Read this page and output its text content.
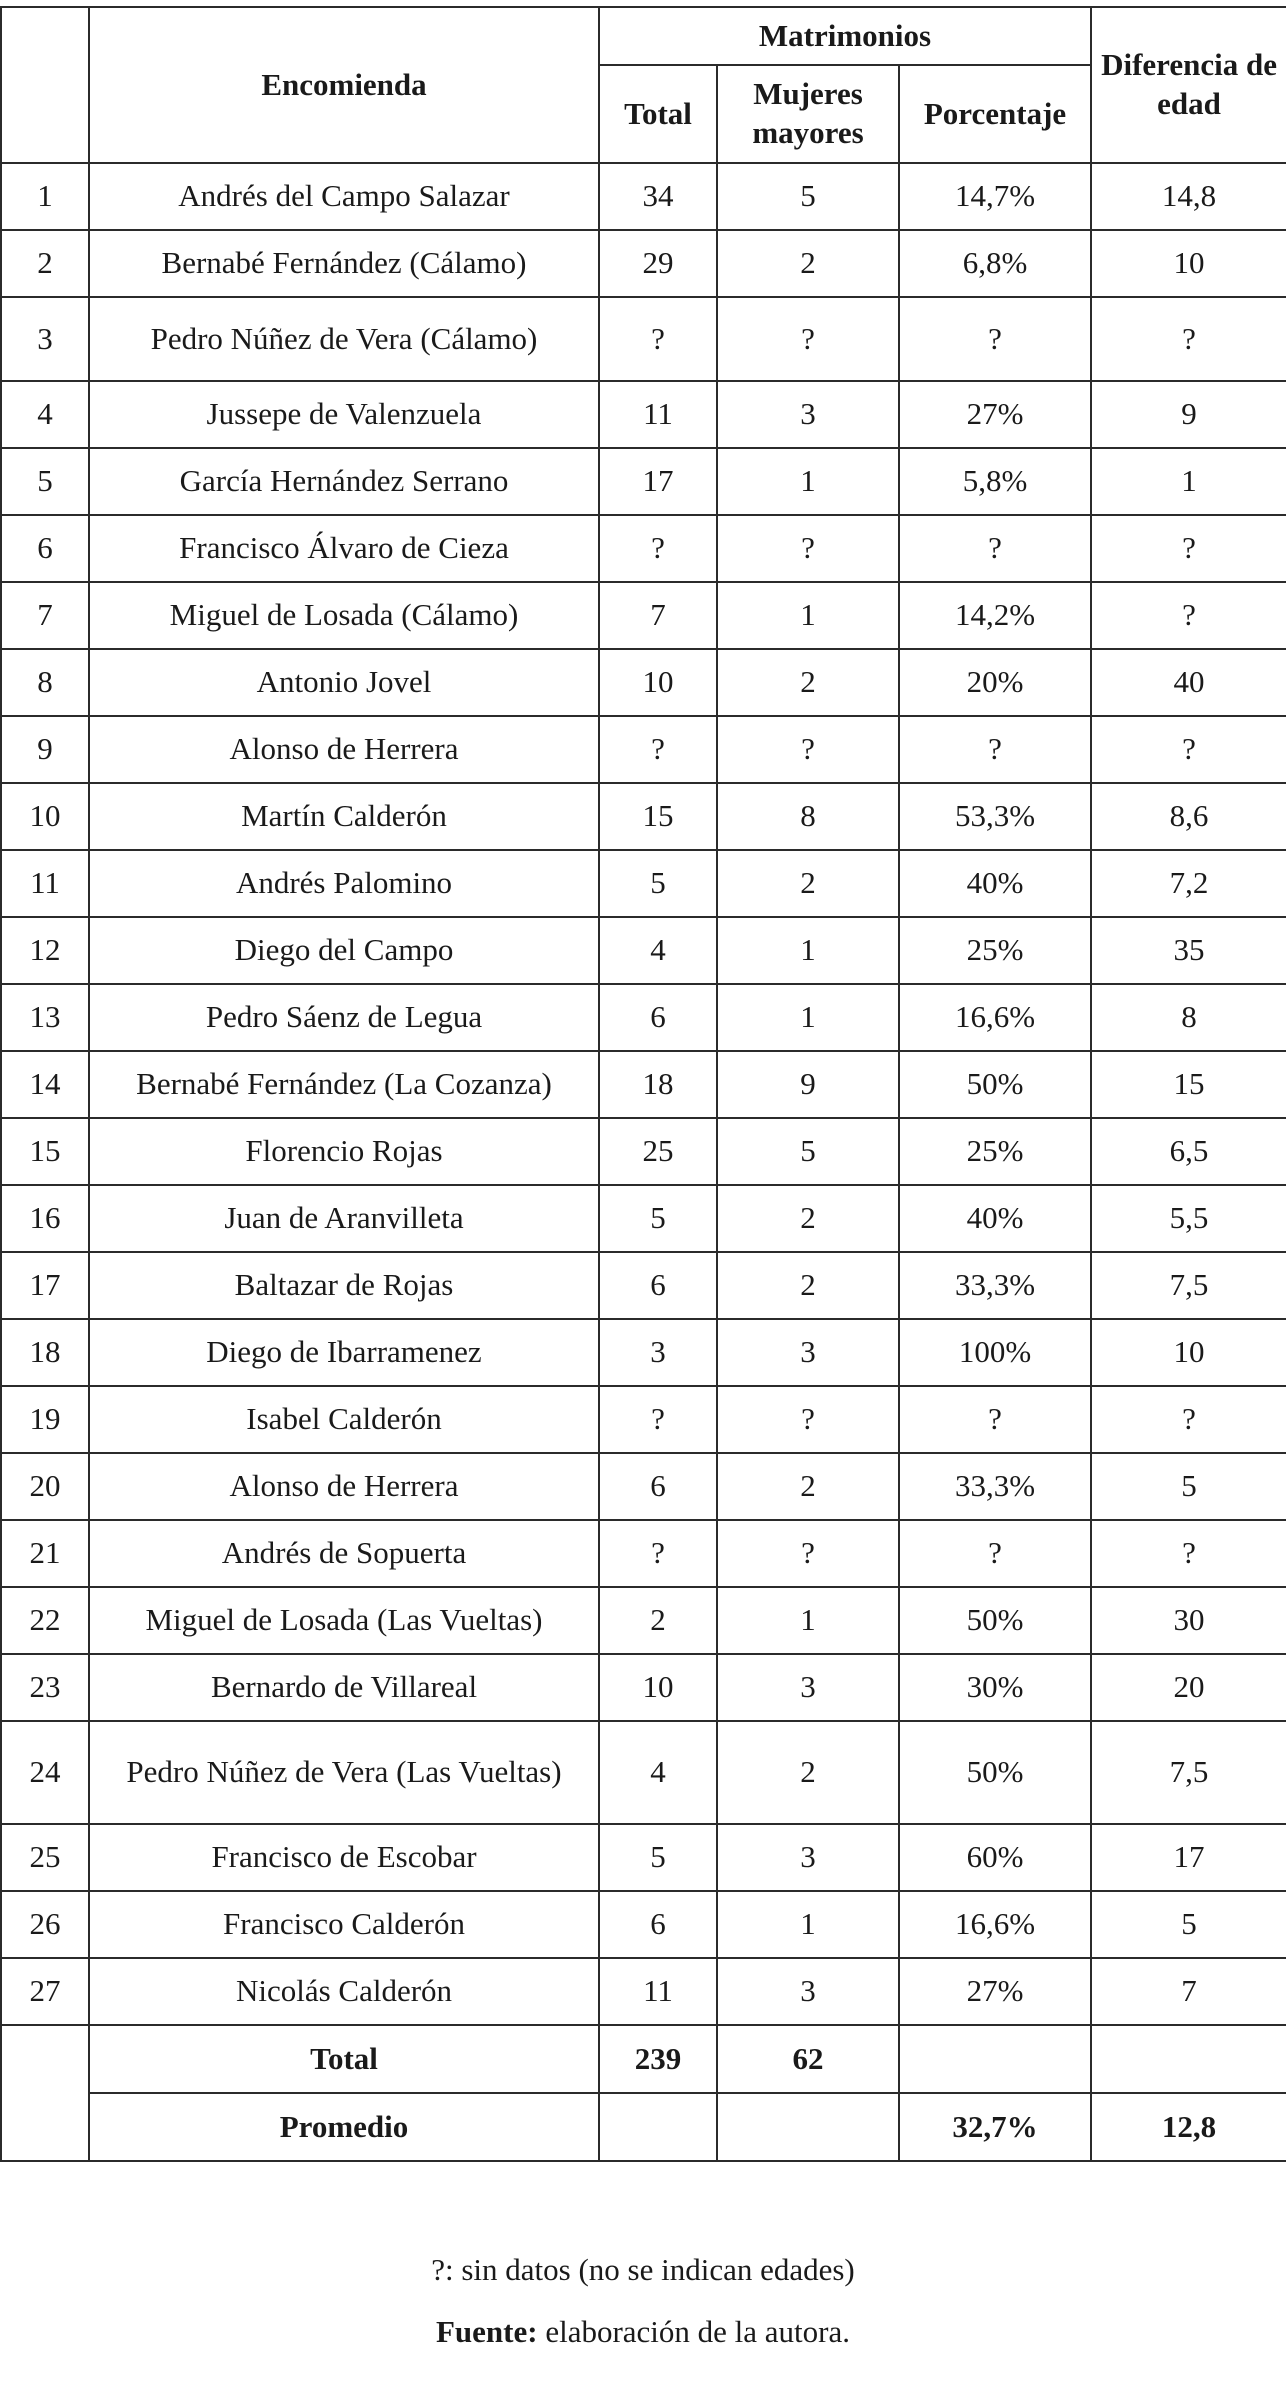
	Encomienda	Matrimonios			Diferencia de edad
		Total	Mujeres mayores	Porcentaje	
1	Andrés del Campo Salazar	34	5	14,7%	14,8
2	Bernabé Fernández (Cálamo)	29	2	6,8%	10
3	Pedro Núñez de Vera (Cálamo)	?	?	?	?
4	Jussepe de Valenzuela	11	3	27%	9
5	García Hernández Serrano	17	1	5,8%	1
6	Francisco Álvaro de Cieza	?	?	?	?
7	Miguel de Losada (Cálamo)	7	1	14,2%	?
8	Antonio Jovel	10	2	20%	40
9	Alonso de Herrera	?	?	?	?
10	Martín Calderón	15	8	53,3%	8,6
11	Andrés Palomino	5	2	40%	7,2
12	Diego del Campo	4	1	25%	35
13	Pedro Sáenz de Legua	6	1	16,6%	8
14	Bernabé Fernández (La Cozanza)	18	9	50%	15
15	Florencio Rojas	25	5	25%	6,5
16	Juan de Aranvilleta	5	2	40%	5,5
17	Baltazar de Rojas	6	2	33,3%	7,5
18	Diego de Ibarramenez	3	3	100%	10
19	Isabel Calderón	?	?	?	?
20	Alonso de Herrera	6	2	33,3%	5
21	Andrés de Sopuerta	?	?	?	?
22	Miguel de Losada (Las Vueltas)	2	1	50%	30
23	Bernardo de Villareal	10	3	30%	20
24	Pedro Núñez de Vera (Las Vueltas)	4	2	50%	7,5
25	Francisco de Escobar	5	3	60%	17
26	Francisco Calderón	6	1	16,6%	5
27	Nicolás Calderón	11	3	27%	7
	Total	239	62		
	Promedio			32,7%	12,8
?: sin datos (no se indican edades)
Fuente: elaboración de la autora.
